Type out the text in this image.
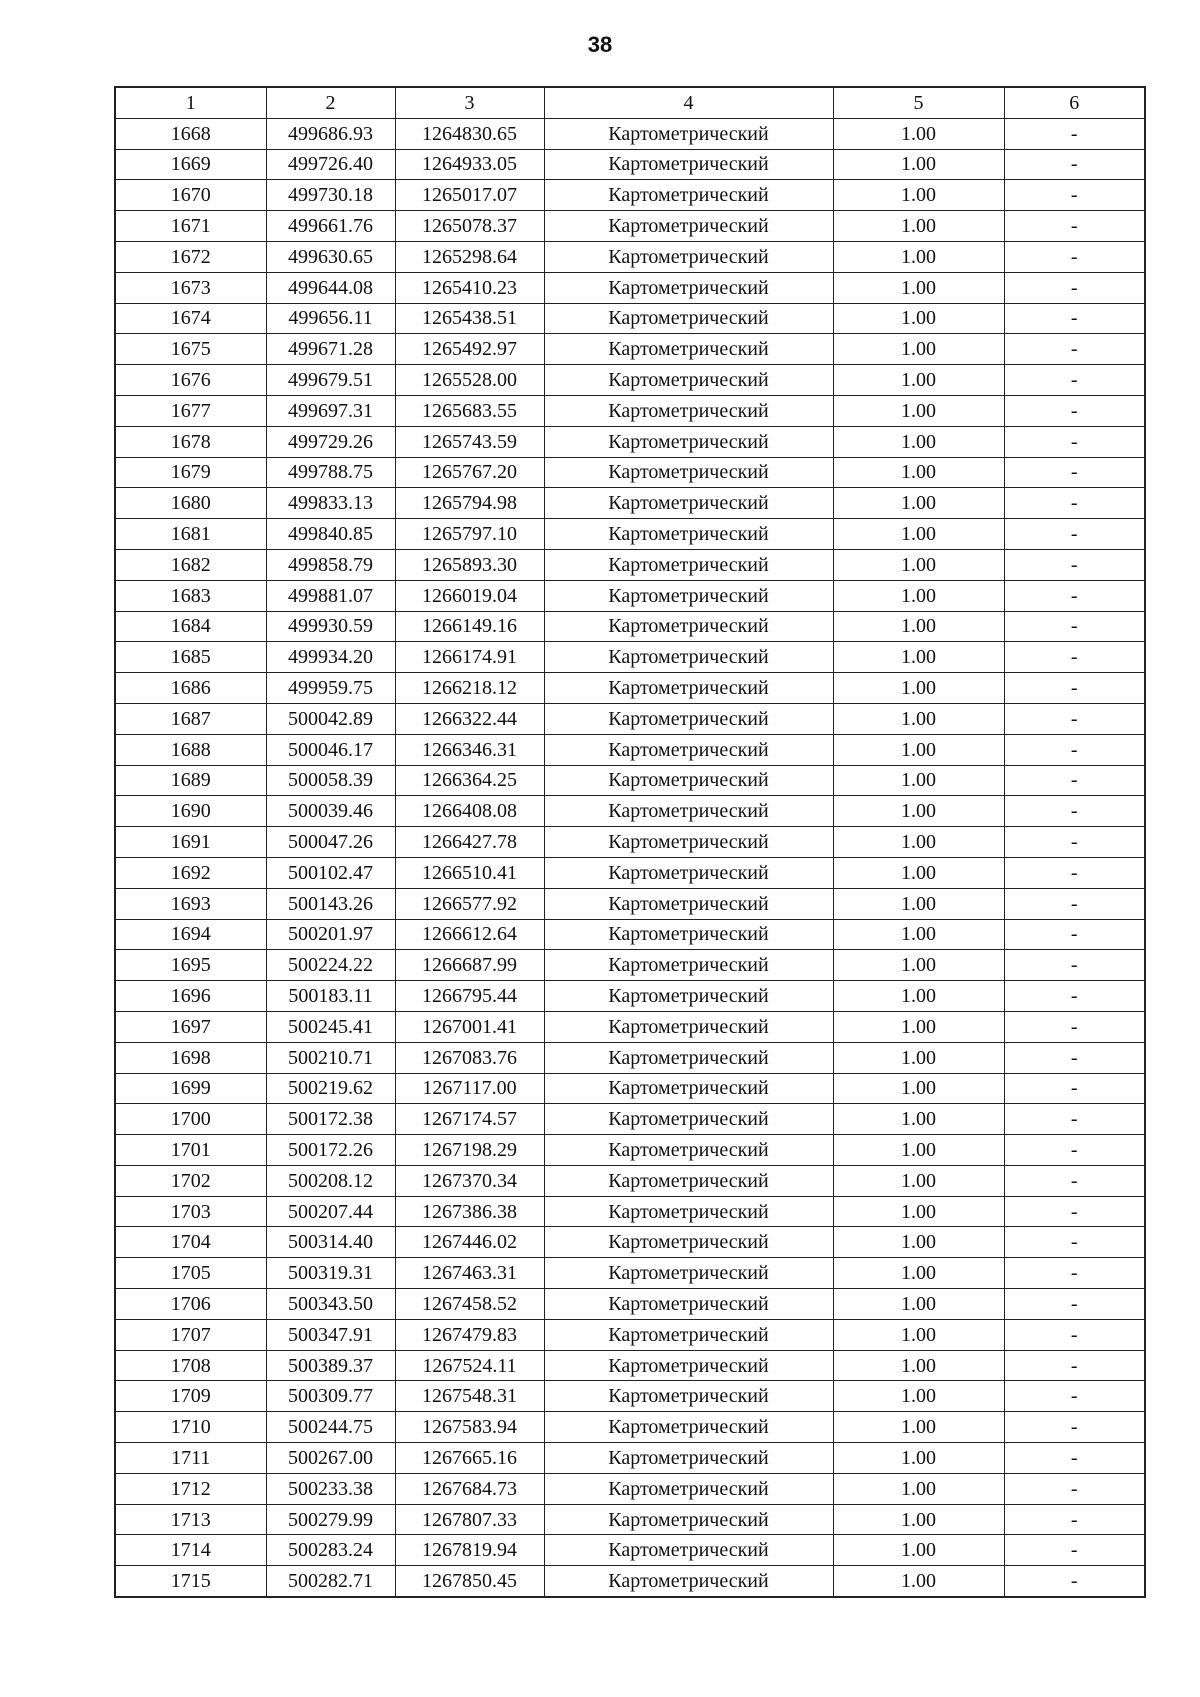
38
1	2	3	4	5	6
1668	499686.93	1264830.65	Картометрический	1.00	-
1669	499726.40	1264933.05	Картометрический	1.00	-
1670	499730.18	1265017.07	Картометрический	1.00	-
1671	499661.76	1265078.37	Картометрический	1.00	-
1672	499630.65	1265298.64	Картометрический	1.00	-
1673	499644.08	1265410.23	Картометрический	1.00	-
1674	499656.11	1265438.51	Картометрический	1.00	-
1675	499671.28	1265492.97	Картометрический	1.00	-
1676	499679.51	1265528.00	Картометрический	1.00	-
1677	499697.31	1265683.55	Картометрический	1.00	-
1678	499729.26	1265743.59	Картометрический	1.00	-
1679	499788.75	1265767.20	Картометрический	1.00	-
1680	499833.13	1265794.98	Картометрический	1.00	-
1681	499840.85	1265797.10	Картометрический	1.00	-
1682	499858.79	1265893.30	Картометрический	1.00	-
1683	499881.07	1266019.04	Картометрический	1.00	-
1684	499930.59	1266149.16	Картометрический	1.00	-
1685	499934.20	1266174.91	Картометрический	1.00	-
1686	499959.75	1266218.12	Картометрический	1.00	-
1687	500042.89	1266322.44	Картометрический	1.00	-
1688	500046.17	1266346.31	Картометрический	1.00	-
1689	500058.39	1266364.25	Картометрический	1.00	-
1690	500039.46	1266408.08	Картометрический	1.00	-
1691	500047.26	1266427.78	Картометрический	1.00	-
1692	500102.47	1266510.41	Картометрический	1.00	-
1693	500143.26	1266577.92	Картометрический	1.00	-
1694	500201.97	1266612.64	Картометрический	1.00	-
1695	500224.22	1266687.99	Картометрический	1.00	-
1696	500183.11	1266795.44	Картометрический	1.00	-
1697	500245.41	1267001.41	Картометрический	1.00	-
1698	500210.71	1267083.76	Картометрический	1.00	-
1699	500219.62	1267117.00	Картометрический	1.00	-
1700	500172.38	1267174.57	Картометрический	1.00	-
1701	500172.26	1267198.29	Картометрический	1.00	-
1702	500208.12	1267370.34	Картометрический	1.00	-
1703	500207.44	1267386.38	Картометрический	1.00	-
1704	500314.40	1267446.02	Картометрический	1.00	-
1705	500319.31	1267463.31	Картометрический	1.00	-
1706	500343.50	1267458.52	Картометрический	1.00	-
1707	500347.91	1267479.83	Картометрический	1.00	-
1708	500389.37	1267524.11	Картометрический	1.00	-
1709	500309.77	1267548.31	Картометрический	1.00	-
1710	500244.75	1267583.94	Картометрический	1.00	-
1711	500267.00	1267665.16	Картометрический	1.00	-
1712	500233.38	1267684.73	Картометрический	1.00	-
1713	500279.99	1267807.33	Картометрический	1.00	-
1714	500283.24	1267819.94	Картометрический	1.00	-
1715	500282.71	1267850.45	Картометрический	1.00	-
